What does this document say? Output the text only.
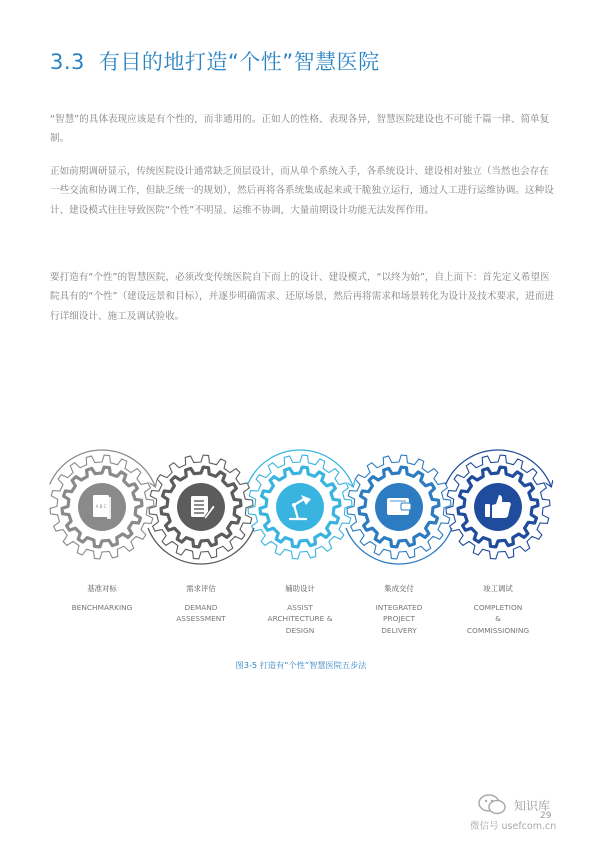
3.3 有目的地打造“个性”智慧医院
“智慧”的具体表现应该是有个性的，而非通用的。正如人的性格、表现各异，智慧医院建设也不可能千篇一律、简单复制。
正如前期调研显示，传统医院设计通常缺乏顶层设计，而从单个系统入手，各系统设计、建设相对独立（当然也会存在一些交流和协调工作，但缺乏统一的规划），然后再将各系统集成起来或干脆独立运行，通过人工进行运维协调。这种设计、建设模式往往导致医院“个性”不明显、运维不协调，大量前期设计功能无法发挥作用。
要打造有“个性”的智慧医院，必须改变传统医院自下而上的设计、建设模式，“以终为始”，自上而下：首先定义希望医院具有的“个性”（建设远景和目标），并逐步明确需求、还原场景，然后再将需求和场景转化为设计及技术要求，进而进行详细设计、施工及调试验收。
A B C
基准对标
BENCHMARKING
需求评估
DEMAND
ASSESSMENT
辅助设计
ASSIST
ARCHITECTURE &
DESIGN
集成交付
INTEGRATED
PROJECT
DELIVERY
竣工调试
COMPLETION
&
COMMISSIONING
图3-5 打造有“个性”智慧医院五步法
知识库
微信号 usefcom.cn
29
